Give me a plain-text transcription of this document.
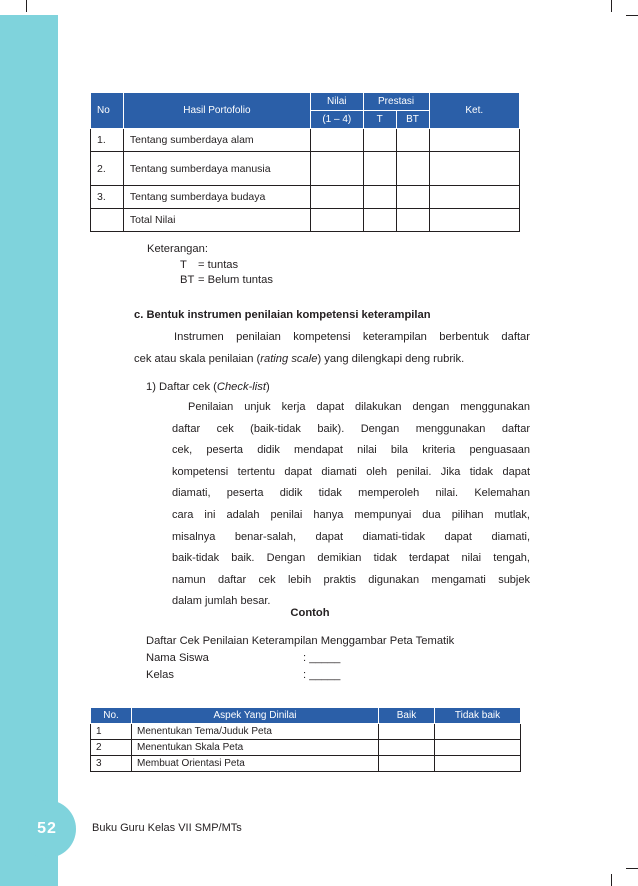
No	Hasil Portofolio	Nilai	Prestasi		Ket.
		(1 – 4)	T	BT	
1.	Tentang sumberdaya alam				
2.	Tentang sumberdaya manusia				
3.	Tentang sumberdaya budaya				
	Total Nilai				
Keterangan:
T = tuntas
BT = Belum tuntas
c. Bentuk instrumen penilaian kompetensi keterampilan
Instrumen penilaian kompetensi keterampilan berbentuk daftar
cek atau skala penilaian (rating scale) yang dilengkapi deng rubrik.
1) Daftar cek (Check-list)

Penilaian unjuk kerja dapat dilakukan dengan menggunakan

daftar cek (baik-tidak baik). Dengan menggunakan daftar

cek, peserta didik mendapat nilai bila kriteria penguasaan

kompetensi tertentu dapat diamati oleh penilai. Jika tidak dapat

diamati, peserta didik tidak memperoleh nilai. Kelemahan

cara ini adalah penilai hanya mempunyai dua pilihan mutlak,

misalnya benar-salah, dapat diamati-tidak dapat diamati,

baik-tidak baik. Dengan demikian tidak terdapat nilai tengah,

namun daftar cek lebih praktis digunakan mengamati subjek

dalam jumlah besar.

Contoh
Daftar Cek Penilaian Keterampilan Menggambar Peta Tematik
Nama Siswa	: _____
Kelas	: _____
No.	Aspek Yang Dinilai	Baik	Tidak baik
1	Menentukan Tema/Juduk Peta		
2	Menentukan Skala Peta		
3	Membuat Orientasi Peta		
52	Buku Guru Kelas VII SMP/MTs
